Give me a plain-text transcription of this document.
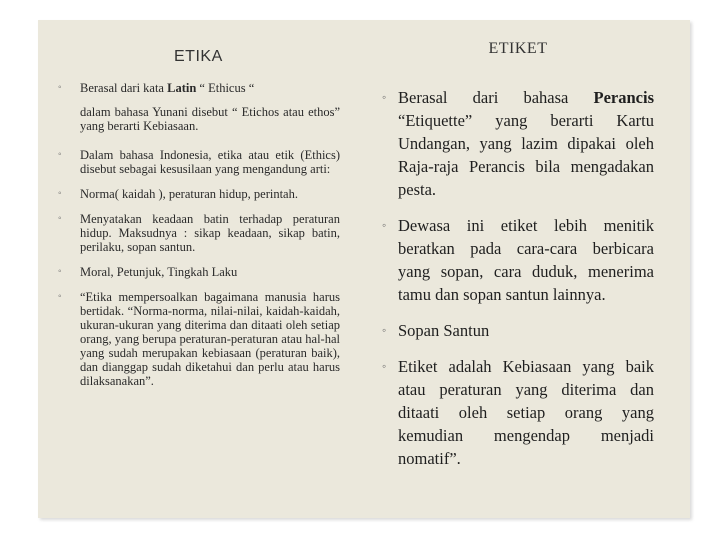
ETIKA
◦ Berasal dari kata Latin “ Ethicus “
dalam bahasa Yunani disebut “ Etichos atau ethos” yang berarti Kebiasaan.
◦ Dalam bahasa Indonesia, etika atau etik (Ethics) disebut sebagai kesusilaan yang mengandung arti:
◦ Norma( kaidah ), peraturan hidup, perintah.
◦ Menyatakan keadaan batin terhadap peraturan hidup. Maksudnya : sikap keadaan, sikap batin, perilaku, sopan santun.
◦ Moral, Petunjuk, Tingkah Laku
◦ “Etika mempersoalkan bagaimana manusia harus bertidak. “Norma-norma, nilai-nilai, kaidah-kaidah, ukuran-ukuran yang diterima dan ditaati oleh setiap orang, yang berupa peraturan-peraturan atau hal-hal yang sudah merupakan kebiasaan (peraturan baik), dan dianggap sudah diketahui dan perlu atau harus dilaksanakan”.
ETIKET
◦ Berasal dari bahasa Perancis “Etiquette” yang berarti Kartu Undangan, yang lazim dipakai oleh Raja-raja Perancis bila mengadakan pesta.
◦ Dewasa ini etiket lebih menitik beratkan pada cara-cara berbicara yang sopan, cara duduk, menerima tamu dan sopan santun lainnya.
◦ Sopan Santun
◦ Etiket adalah Kebiasaan yang baik atau peraturan yang diterima dan ditaati oleh setiap orang yang kemudian mengendap menjadi nomatif”.
